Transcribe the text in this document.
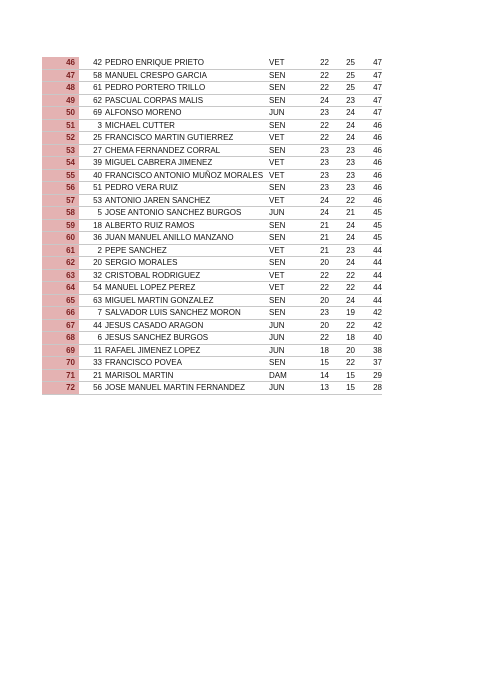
46	42	PEDRO ENRIQUE PRIETO	VET	22	25	47
47	58	MANUEL CRESPO GARCIA	SEN	22	25	47
48	61	PEDRO PORTERO TRILLO	SEN	22	25	47
49	62	PASCUAL CORPAS MALIS	SEN	24	23	47
50	69	ALFONSO MORENO	JUN	23	24	47
51	3	MICHAEL CUTTER	SEN	22	24	46
52	25	FRANCISCO MARTIN GUTIERREZ	VET	22	24	46
53	27	CHEMA FERNANDEZ CORRAL	SEN	23	23	46
54	39	MIGUEL CABRERA JIMENEZ	VET	23	23	46
55	40	FRANCISCO ANTONIO MUÑOZ MORALES	VET	23	23	46
56	51	PEDRO VERA RUIZ	SEN	23	23	46
57	53	ANTONIO JAREN SANCHEZ	VET	24	22	46
58	5	JOSE ANTONIO SANCHEZ BURGOS	JUN	24	21	45
59	18	ALBERTO RUIZ RAMOS	SEN	21	24	45
60	36	JUAN MANUEL ANILLO MANZANO	SEN	21	24	45
61	2	PEPE SANCHEZ	VET	21	23	44
62	20	SERGIO MORALES	SEN	20	24	44
63	32	CRISTOBAL RODRIGUEZ	VET	22	22	44
64	54	MANUEL LOPEZ PEREZ	VET	22	22	44
65	63	MIGUEL MARTIN GONZALEZ	SEN	20	24	44
66	7	SALVADOR LUIS SANCHEZ MORON	SEN	23	19	42
67	44	JESUS CASADO ARAGON	JUN	20	22	42
68	6	JESUS SANCHEZ BURGOS	JUN	22	18	40
69	11	RAFAEL JIMENEZ LOPEZ	JUN	18	20	38
70	33	FRANCISCO POVEA	SEN	15	22	37
71	21	MARISOL MARTIN	DAM	14	15	29
72	56	JOSE MANUEL MARTIN FERNANDEZ	JUN	13	15	28
